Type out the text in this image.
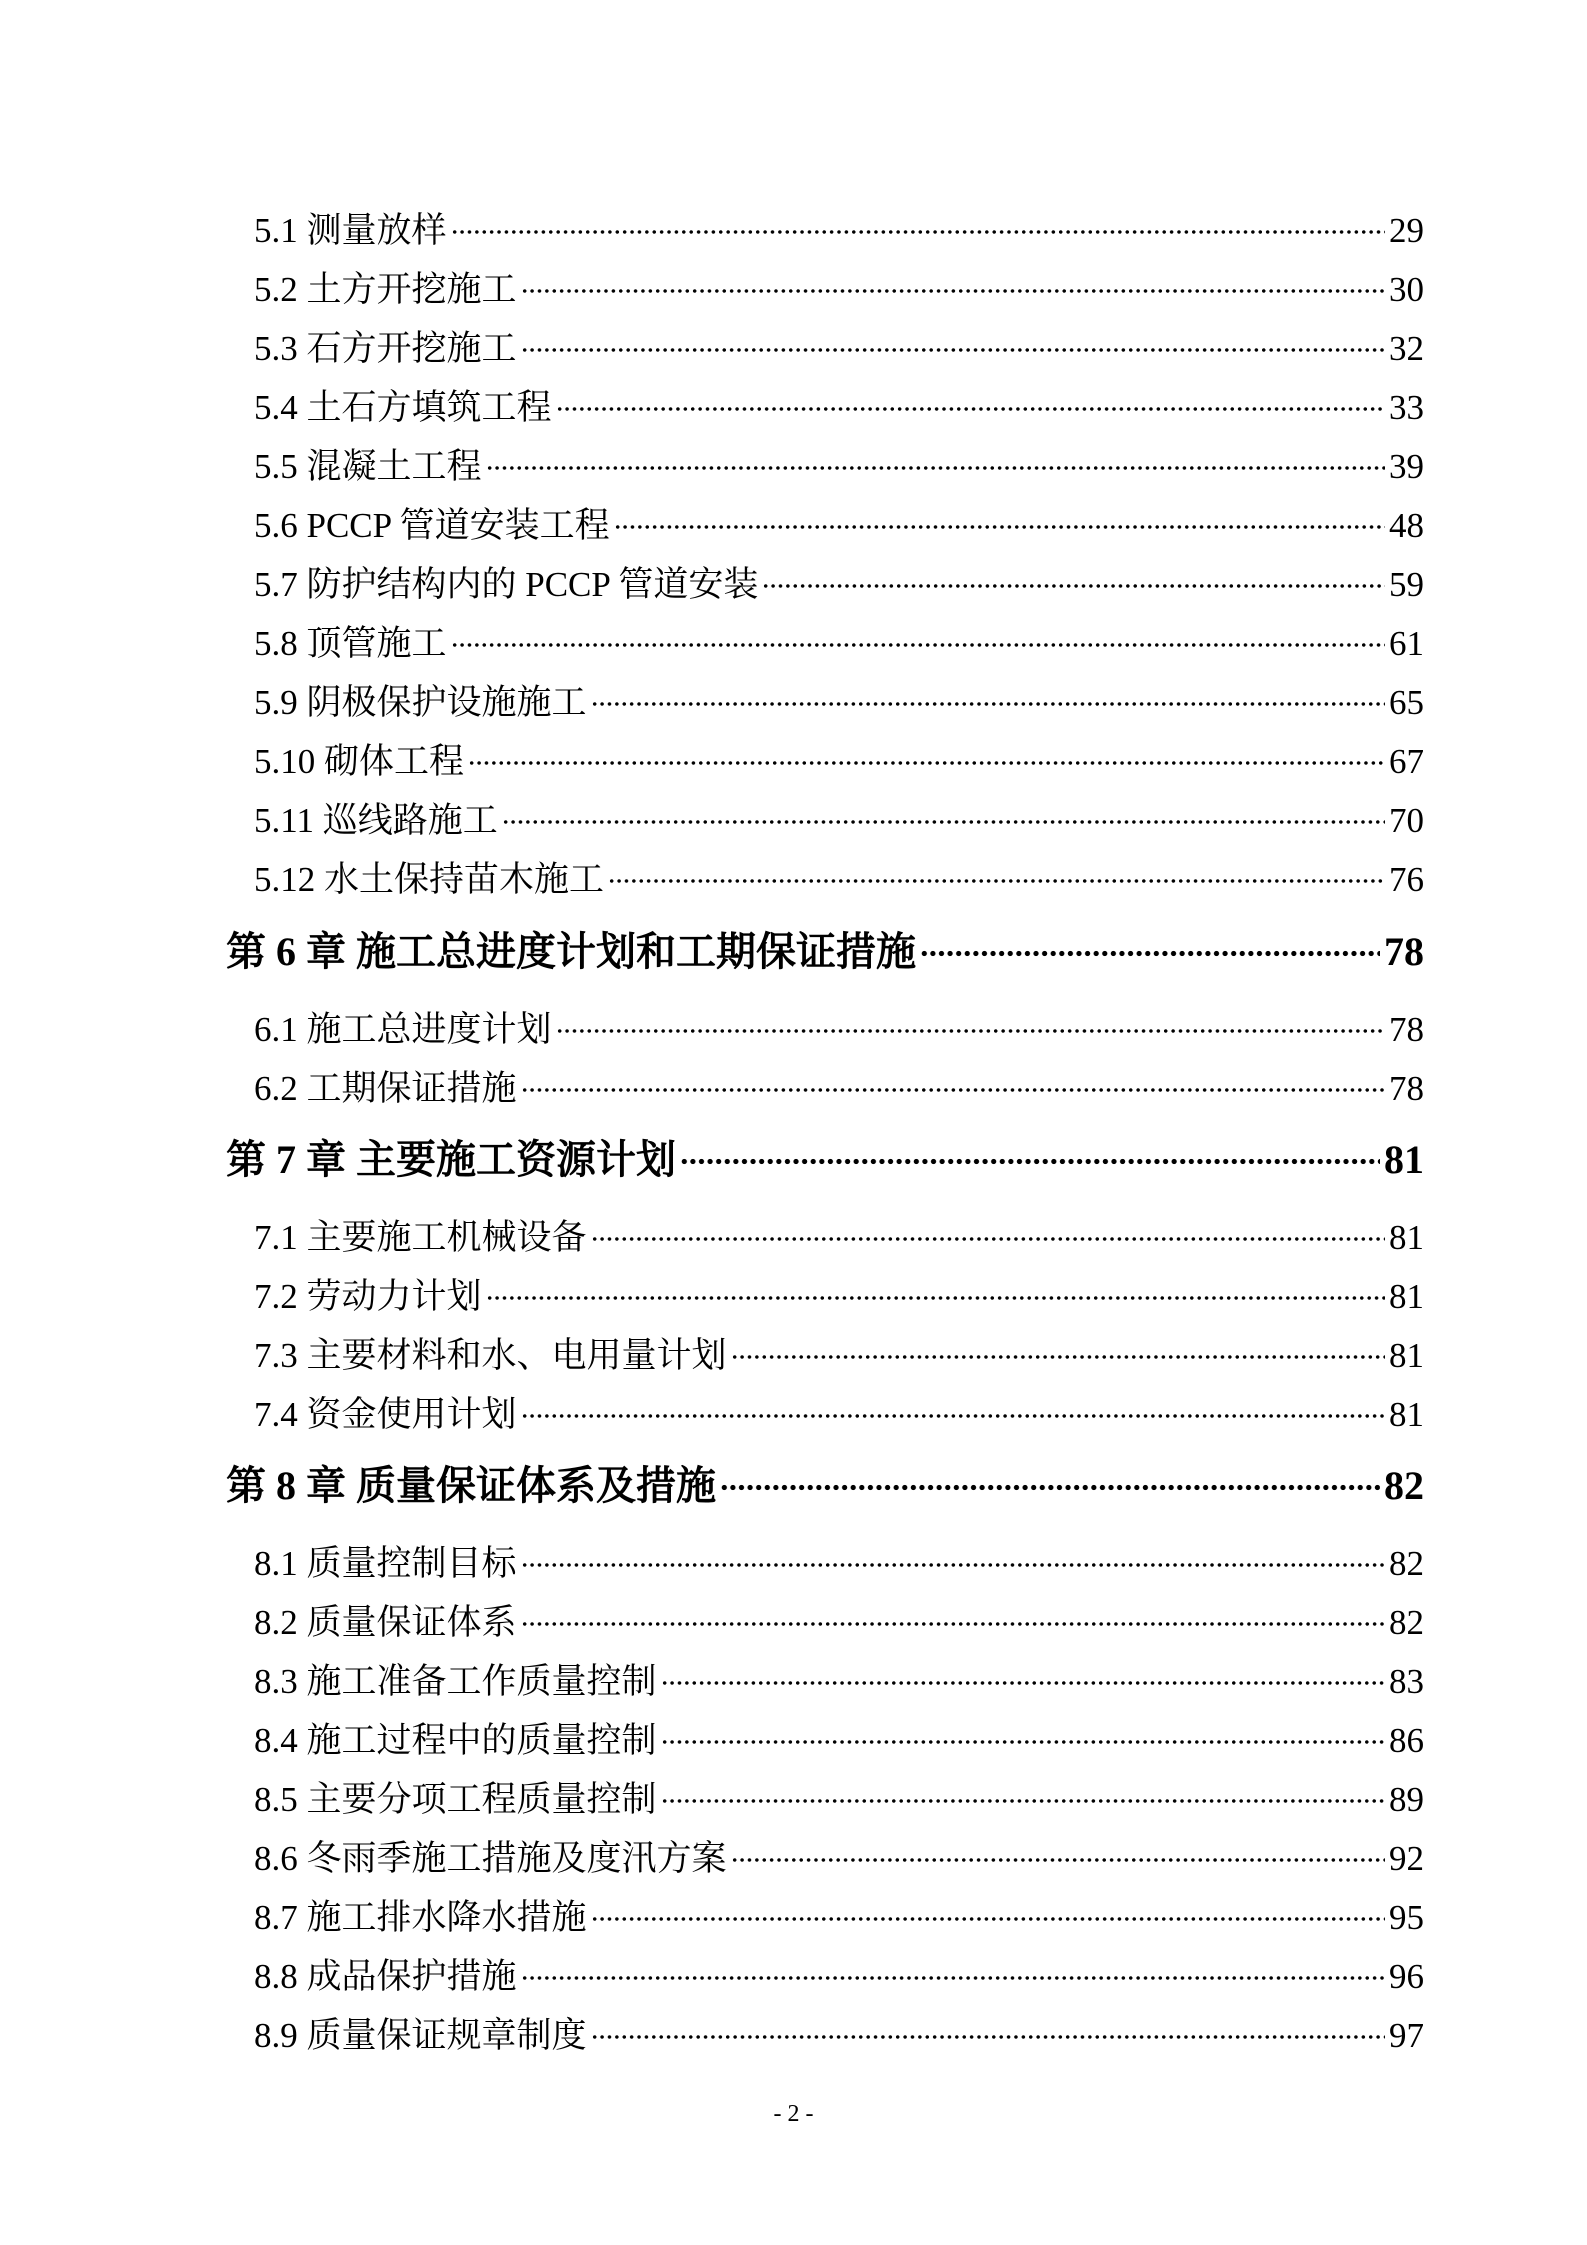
5.1 测量放样	29
5.2 土方开挖施工	30
5.3 石方开挖施工	32
5.4 土石方填筑工程	33
5.5 混凝土工程	39
5.6 PCCP 管道安装工程	48
5.7 防护结构内的 PCCP 管道安装	59
5.8 顶管施工	61
5.9 阴极保护设施施工	65
5.10 砌体工程	67
5.11 巡线路施工	70
5.12 水土保持苗木施工	76
第 6 章 施工总进度计划和工期保证措施	78
6.1 施工总进度计划	78
6.2 工期保证措施	78
第 7 章 主要施工资源计划	81
7.1 主要施工机械设备	81
7.2 劳动力计划	81
7.3 主要材料和水、电用量计划	81
7.4 资金使用计划	81
第 8 章 质量保证体系及措施	82
8.1 质量控制目标	82
8.2 质量保证体系	82
8.3 施工准备工作质量控制	83
8.4 施工过程中的质量控制	86
8.5 主要分项工程质量控制	89
8.6 冬雨季施工措施及度汛方案	92
8.7 施工排水降水措施	95
8.8 成品保护措施	96
8.9 质量保证规章制度	97
- 2 -
